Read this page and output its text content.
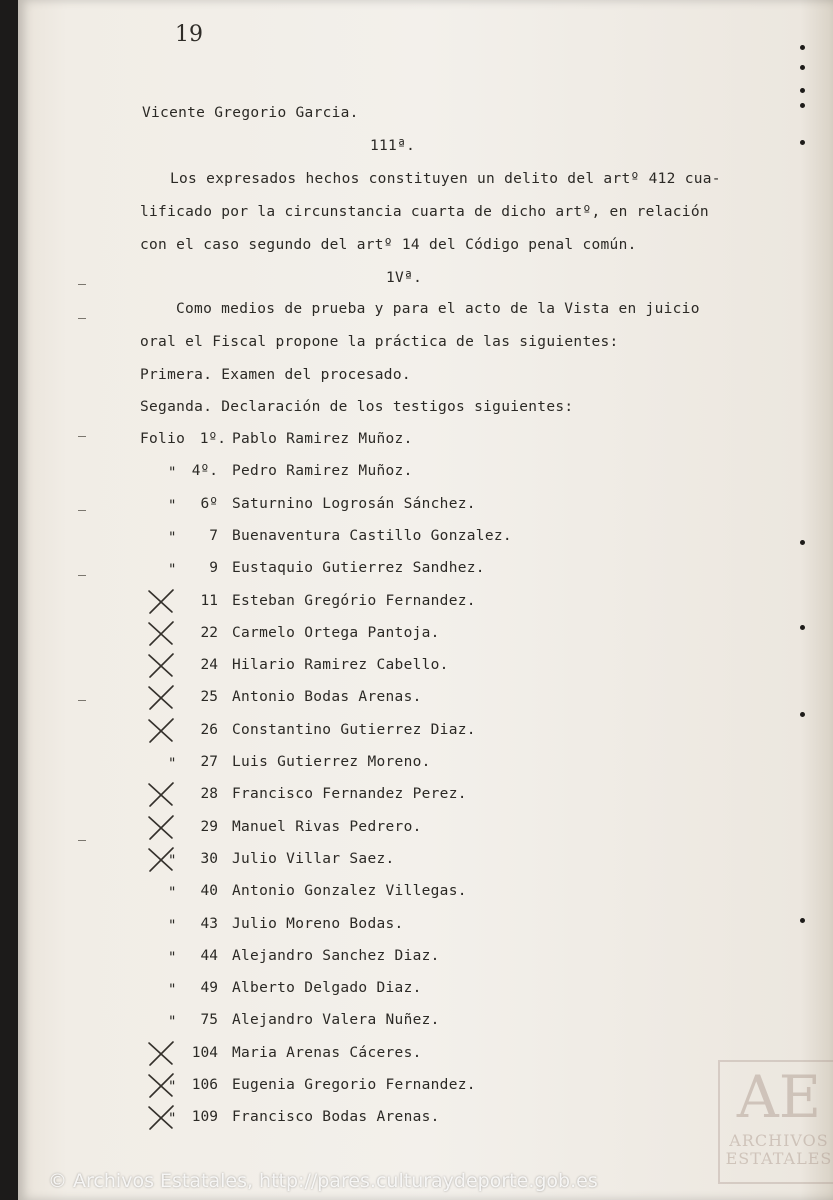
19
Vicente Gregorio Garcia.
111ª.
Los expresados hechos constituyen un delito del artº 412 cua-
lificado por la circunstancia cuarta de dicho artº, en relación
con el caso segundo del artº 14 del Código penal común.
1Vª.
Como medios de prueba y para el acto de la Vista en juicio
oral el Fiscal propone la práctica de las siguientes:
Primera. Examen del procesado.
Seganda. Declaración de los testigos siguientes:
Folio	1º. Pablo Ramirez Muñoz.
"	4º. Pedro Ramirez Muñoz.
"	6º Saturnino Logrosán Sánchez.
"	7 Buenaventura Castillo Gonzalez.
"	9 Eustaquio Gutierrez Sandhez.
11 Esteban Gregório Fernandez.
22 Carmelo Ortega Pantoja.
24 Hilario Ramirez Cabello.
25 Antonio Bodas Arenas.
26 Constantino Gutierrez Diaz.
"	27 Luis Gutierrez Moreno.
28 Francisco Fernandez Perez.
29 Manuel Rivas Pedrero.
"	30 Julio Villar Saez.
"	40 Antonio Gonzalez Villegas.
"	43 Julio Moreno Bodas.
"	44 Alejandro Sanchez Diaz.
"	49 Alberto Delgado Diaz.
"	75 Alejandro Valera Nuñez.
104 Maria Arenas Cáceres.
"	106 Eugenia Gregorio Fernandez.
"	109 Francisco Bodas Arenas.	AE
ARCHIVOS ESTATALES
© Archivos Estatales, http://pares.culturaydeporte.gob.es
